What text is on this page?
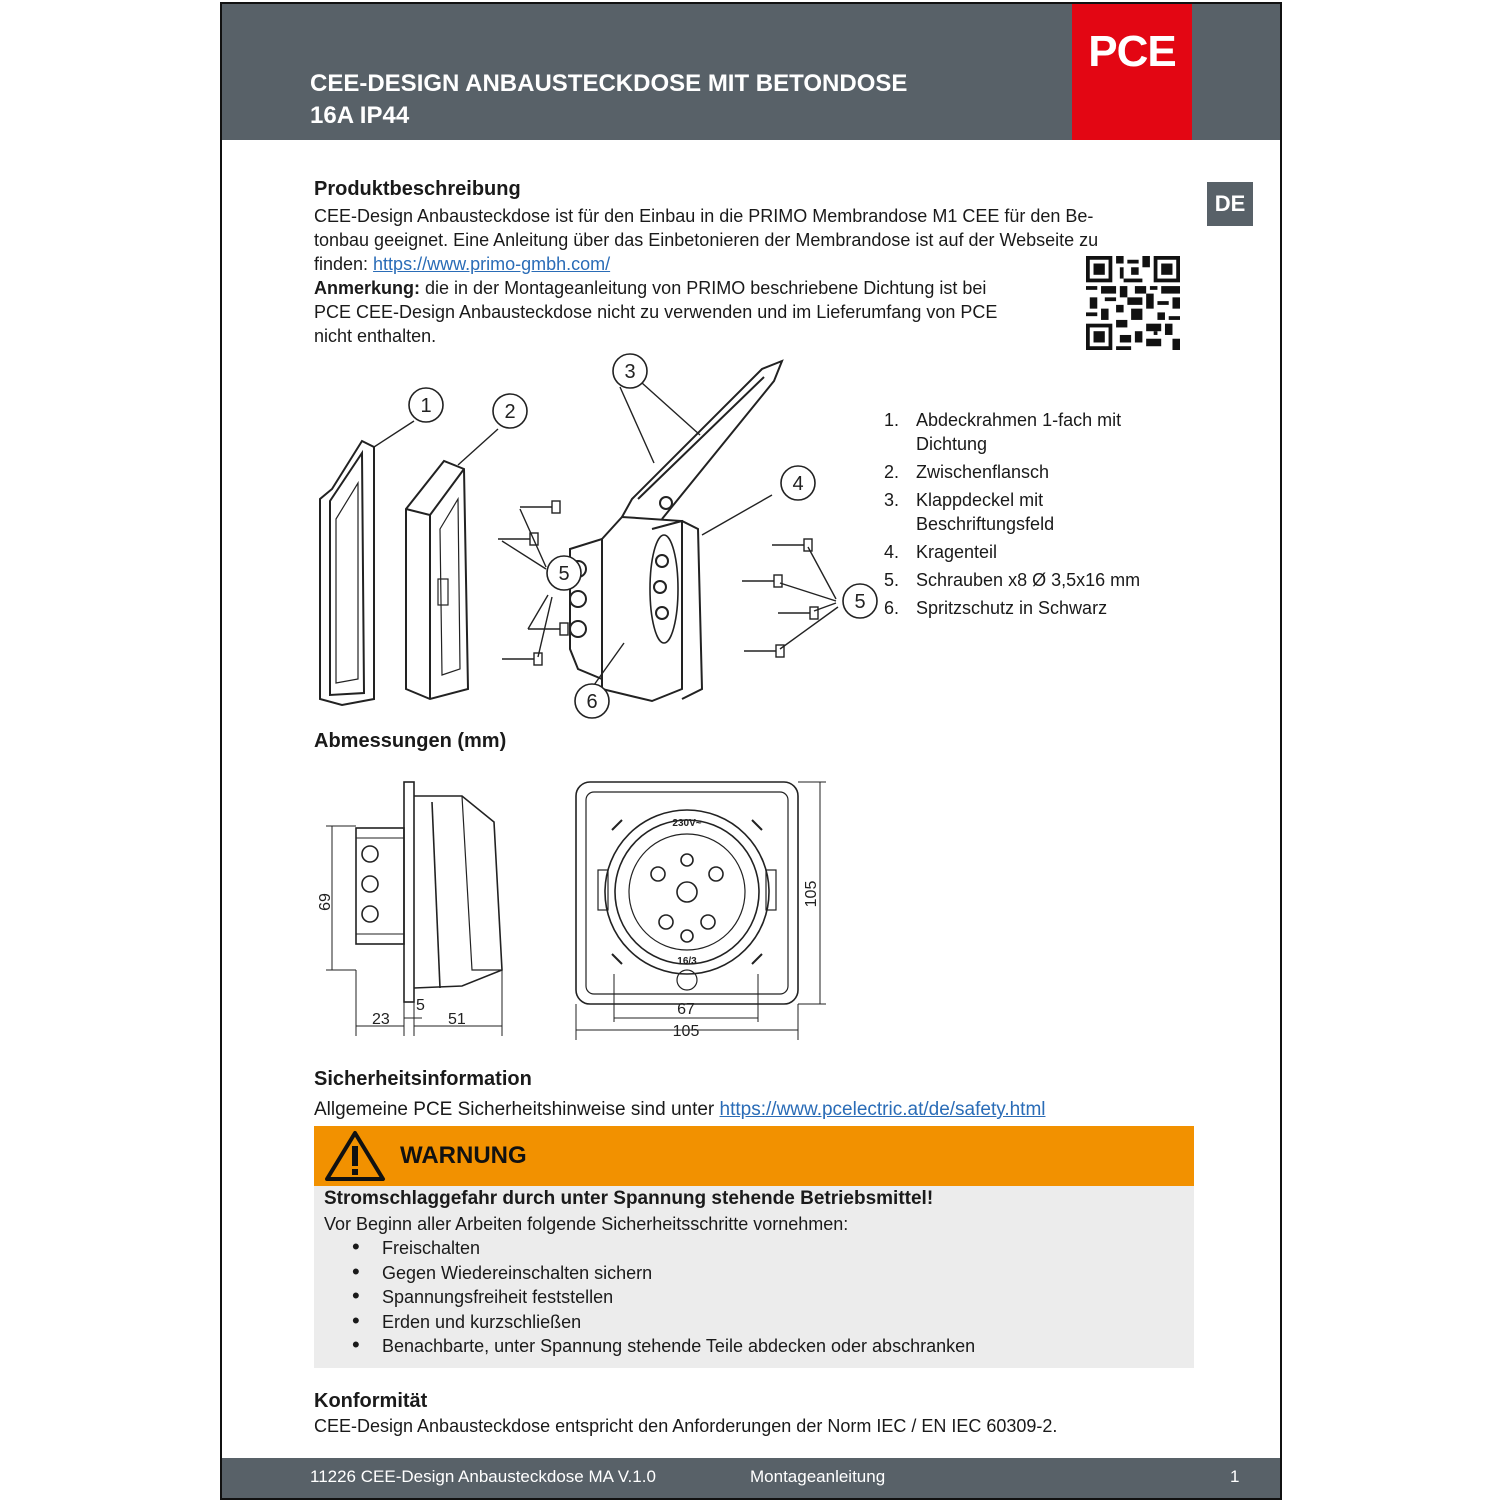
CEE-DESIGN ANBAUSTECKDOSE MIT BETONDOSE
16A IP44
PCE
DE
Produktbeschreibung
CEE-Design Anbausteckdose ist für den Einbau in die PRIMO Membrandose M1 CEE für den Be-
tonbau geeignet. Eine Anleitung über das Einbetonieren der Membrandose ist auf der Webseite zu
finden: https://www.primo-gmbh.com/
Anmerkung: die in der Montageanleitung von PRIMO beschriebene Dichtung ist bei
PCE CEE-Design Anbausteckdose nicht zu verwenden und im Lieferumfang von PCE
nicht enthalten.
1	2
3
4
5
5
6
1. Abdeckrahmen 1-fach mit
Dichtung
2. Zwischenflansch
3. Klappdeckel mit
Beschriftungsfeld
4. Kragenteil
5. Schrauben x8 Ø 3,5x16 mm
6. Spritzschutz in Schwarz
Abmessungen (mm)
69
23
5
51
230V~
16/3
67
105
105
Sicherheitsinformation
Allgemeine PCE Sicherheitshinweise sind unter https://www.pcelectric.at/de/safety.html
WARNUNG
Stromschlaggefahr durch unter Spannung stehende Betriebsmittel!
Vor Beginn aller Arbeiten folgende Sicherheitsschritte vornehmen:
• Freischalten
• Gegen Wiedereinschalten sichern
• Spannungsfreiheit feststellen
• Erden und kurzschließen
• Benachbarte, unter Spannung stehende Teile abdecken oder abschranken
Konformität
CEE-Design Anbausteckdose entspricht den Anforderungen der Norm IEC / EN IEC 60309-2.
11226 CEE-Design Anbausteckdose MA V.1.0	Montageanleitung	1
